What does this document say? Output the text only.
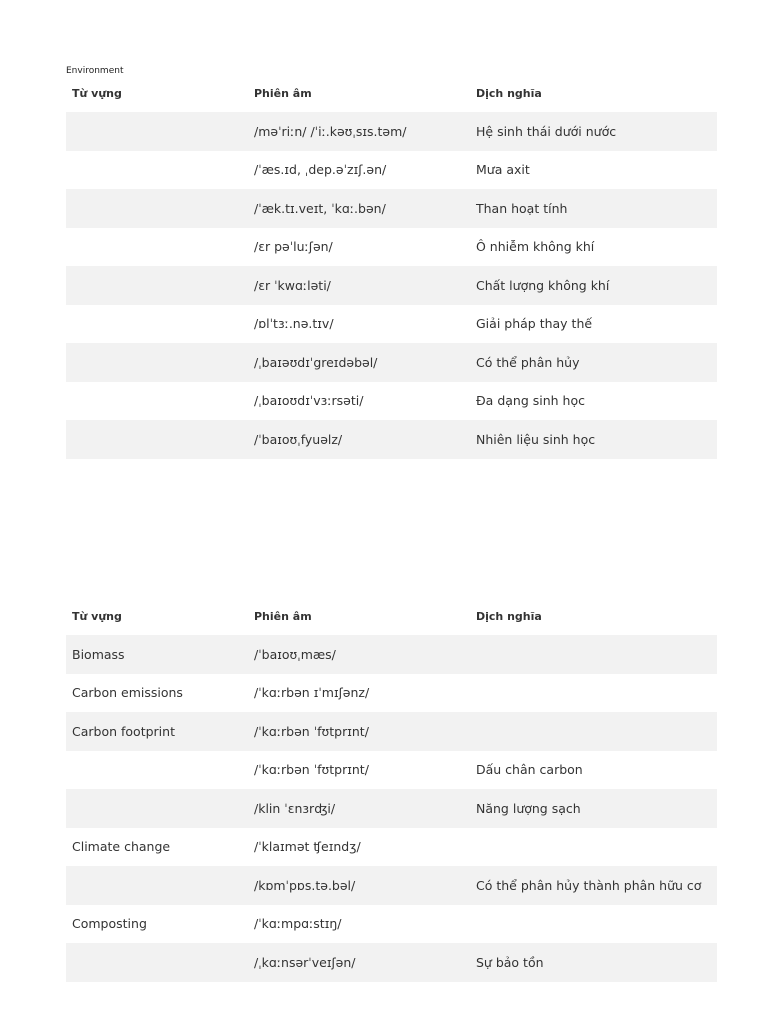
Environment
Từ vựng	Phiên âm	Dịch nghĩa
	/məˈriːn/ /ˈiː.kəʊˌsɪs.təm/	Hệ sinh thái dưới nước
	/ˈæs.ɪd, ˌdep.əˈzɪʃ.ən/	Mưa axit
	/ˈæk.tɪ.veɪt, ˈkɑː.bən/	Than hoạt tính
	/ɛr pəˈluːʃən/	Ô nhiễm không khí
	/ɛr ˈkwɑːləti/	Chất lượng không khí
	/ɒlˈtɜː.nə.tɪv/	Giải pháp thay thế
	/ˌbaɪəʊdɪˈgreɪdəbəl/	Có thể phân hủy
	/ˌbaɪoʊdɪˈvɜːrsəti/	Đa dạng sinh học
	/ˈbaɪoʊˌfyuəlz/	Nhiên liệu sinh học
Từ vựng	Phiên âm	Dịch nghĩa
Biomass	/ˈbaɪoʊˌmæs/	
Carbon emissions	/ˈkɑːrbən ɪˈmɪʃənz/	
Carbon footprint	/ˈkɑːrbən ˈfʊtprɪnt/	
	/ˈkɑːrbən ˈfʊtprɪnt/	Dấu chân carbon
	/klin ˈɛnɜrʤi/	Năng lượng sạch
Climate change	/ˈklaɪmət ʧeɪndʒ/	
	/kɒmˈpɒs.tə.bəl/	Có thể phân hủy thành phân hữu cơ
Composting	/ˈkɑːmpɑːstɪŋ/	
	/ˌkɑːnsərˈveɪʃən/	Sự bảo tồn
